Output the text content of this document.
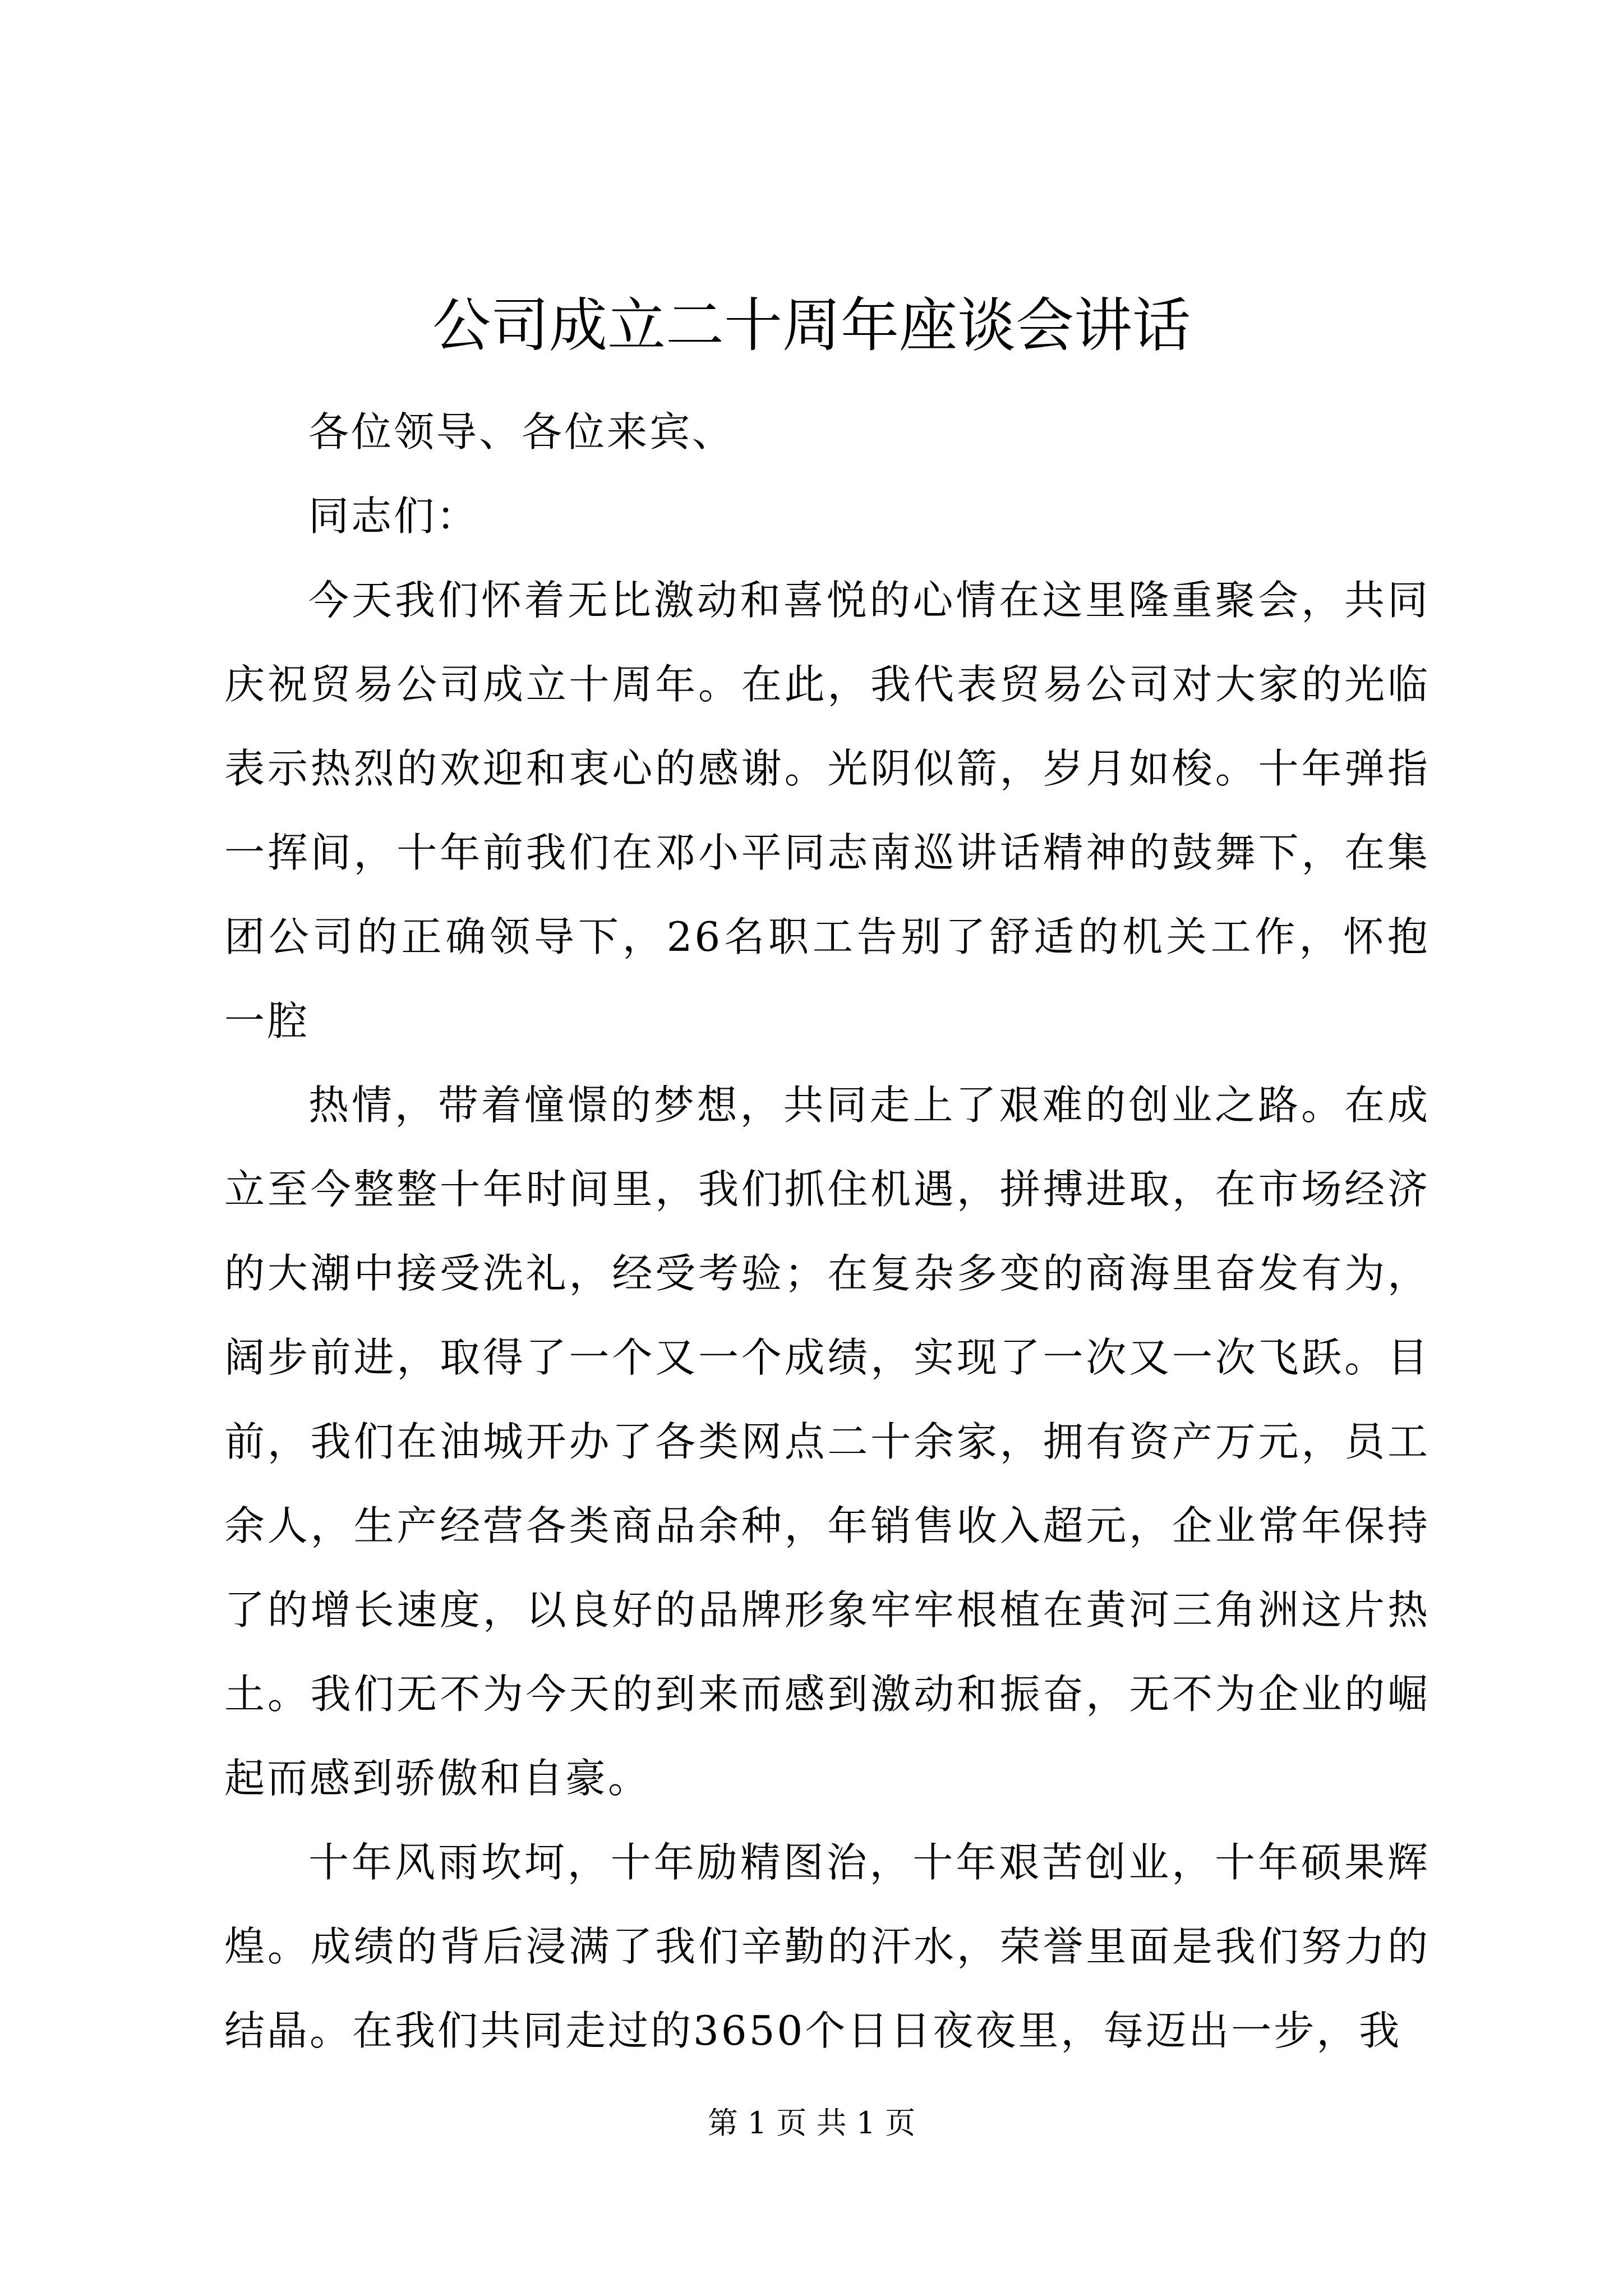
公司成立二十周年座谈会讲话

各位领导、各位来宾、

同志们：

今天我们怀着无比激动和喜悦的心情在这里隆重聚会，共同庆祝贸易公司成立十周年。在此，我代表贸易公司对大家的光临表示热烈的欢迎和衷心的感谢。光阴似箭，岁月如梭。十年弹指一挥间，十年前我们在邓小平同志南巡讲话精神的鼓舞下，在集团公司的正确领导下，26名职工告别了舒适的机关工作，怀抱一腔

热情，带着憧憬的梦想，共同走上了艰难的创业之路。在成立至今整整十年时间里，我们抓住机遇，拼搏进取，在市场经济的大潮中接受洗礼，经受考验；在复杂多变的商海里奋发有为，阔步前进，取得了一个又一个成绩，实现了一次又一次飞跃。目前，我们在油城开办了各类网点二十余家，拥有资产万元，员工余人，生产经营各类商品余种，年销售收入超元，企业常年保持了的增长速度，以良好的品牌形象牢牢根植在黄河三角洲这片热土。我们无不为今天的到来而感到激动和振奋，无不为企业的崛起而感到骄傲和自豪。

十年风雨坎坷，十年励精图治，十年艰苦创业，十年硕果辉煌。成绩的背后浸满了我们辛勤的汗水，荣誉里面是我们努力的结晶。在我们共同走过的3650个日日夜夜里，每迈出一步，我

第 1 页 共 1 页
